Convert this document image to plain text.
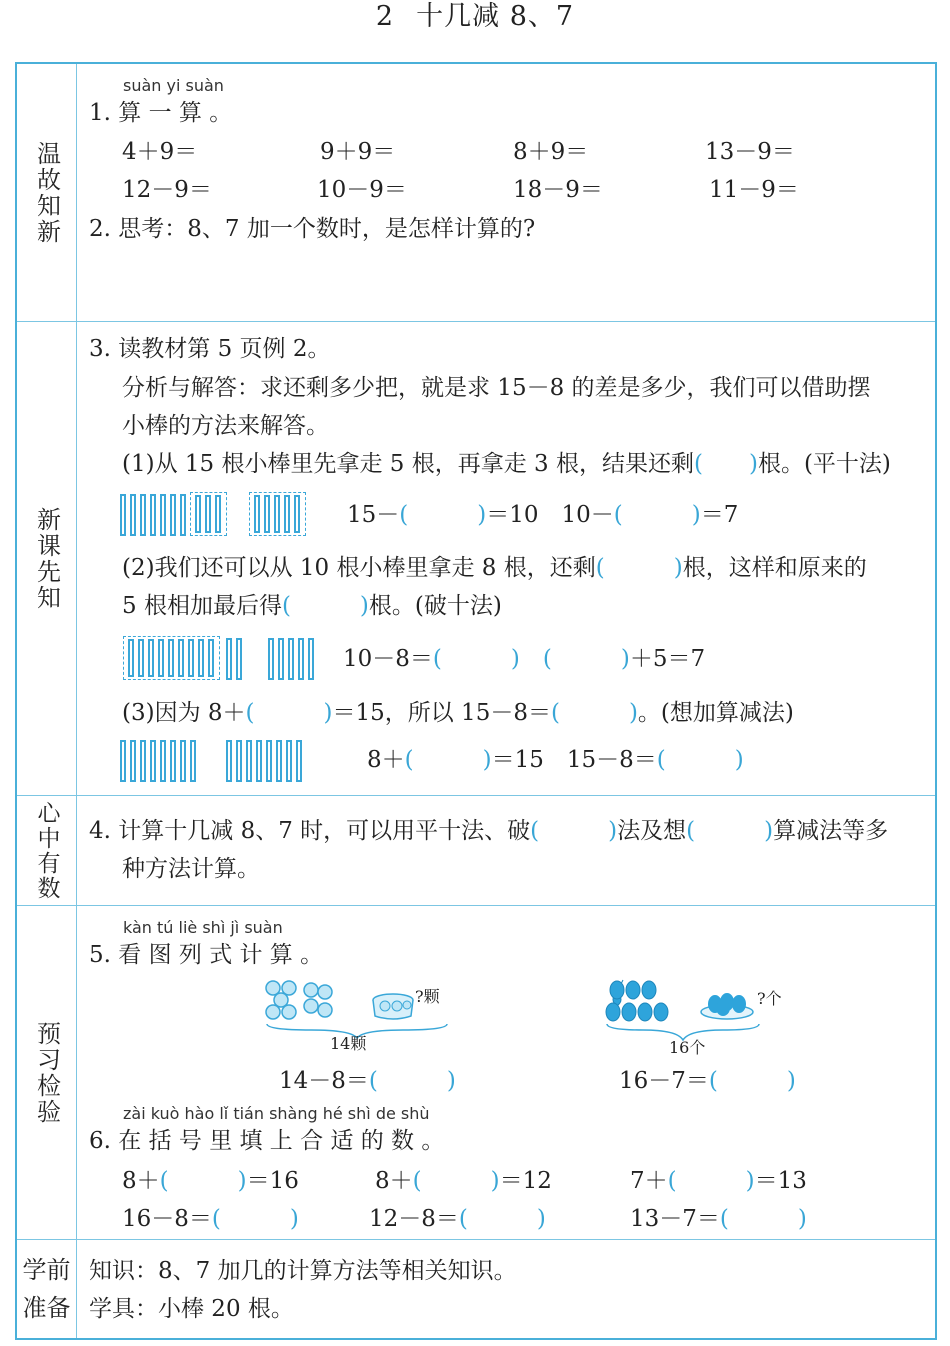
2 十几减 8、7
温故知新
suàn yi suàn
1. 算 一 算 。
4＋9＝	9＋9＝	8＋9＝	13－9＝
12－9＝	10－9＝	18－9＝	11－9＝
2. 思考：8、7 加一个数时，是怎样计算的?
新课先知
3. 读教材第 5 页例 2。
分析与解答：求还剩多少把，就是求 15－8 的差是多少，我们可以借助摆
小棒的方法来解答。
(1)从 15 根小棒里先拿走 5 根，再拿走 3 根，结果还剩(　　)根。(平十法)
15－(　　　)＝10　10－(　　　)＝7
(2)我们还可以从 10 根小棒里拿走 8 根，还剩(　　　)根，这样和原来的
5 根相加最后得(　　　)根。(破十法)
10－8＝(　　　)　(　　　)＋5＝7
(3)因为 8＋(　　　)＝15，所以 15－8＝(　　　)。(想加算减法)
8＋(　　　)＝15　15－8＝(　　　)
心中有数 4. 计算十几减 8、7 时，可以用平十法、破(　　　)法及想(　　　)算减法等多
种方法计算。
预习检验
kàn tú liè shì jì suàn
5. 看 图 列 式 计 算 。
?颗
14颗
14－8＝(　　　)
?个
16个
16－7＝(　　　)
zài kuò hào lǐ tián shàng hé shì de shù
6. 在 括 号 里 填 上 合 适 的 数 。
8＋(　　　)＝16	8＋(　　　)＝12	7＋(　　　)＝13
16－8＝(　　　)	12－8＝(　　　)	13－7＝(　　　)
学前
准备
知识：8、7 加几的计算方法等相关知识。
学具：小棒 20 根。
